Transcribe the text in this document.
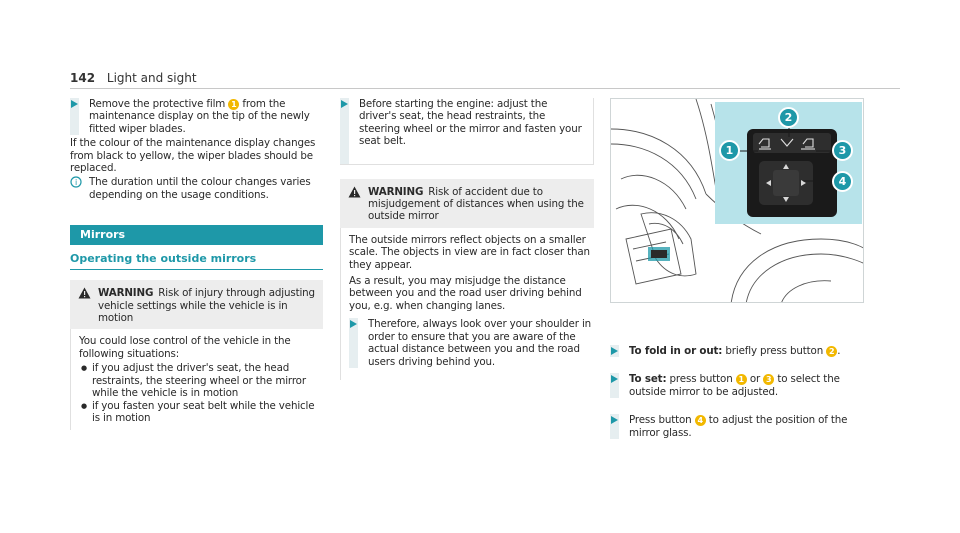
142 Light and sight
Remove the protective film 1 from the maintenance display on the tip of the newly fitted wiper blades.
If the colour of the maintenance display changes from black to yellow, the wiper blades should be replaced.
i The duration until the colour changes varies depending on the usage conditions.
Mirrors
Operating the outside mirrors
WARNING Risk of injury through adjusting vehicle settings while the vehicle is in motion
You could lose control of the vehicle in the following situations:
● if you adjust the driver's seat, the head restraints, the steering wheel or the mirror while the vehicle is in motion
● if you fasten your seat belt while the vehicle is in motion
Before starting the engine: adjust the driver's seat, the head restraints, the steering wheel or the mirror and fasten your seat belt.
WARNING Risk of accident due to misjudgement of distances when using the outside mirror
The outside mirrors reflect objects on a smaller scale. The objects in view are in fact closer than they appear.
As a result, you may misjudge the distance between you and the road user driving behind you, e.g. when changing lanes.
Therefore, always look over your shoulder in order to ensure that you are aware of the actual distance between you and the road users driving behind you.
1
2
3
4
To fold in or out: briefly press button 2 .
To set: press button 1 or 3 to select the outside mirror to be adjusted.
Press button 4 to adjust the position of the mirror glass.
